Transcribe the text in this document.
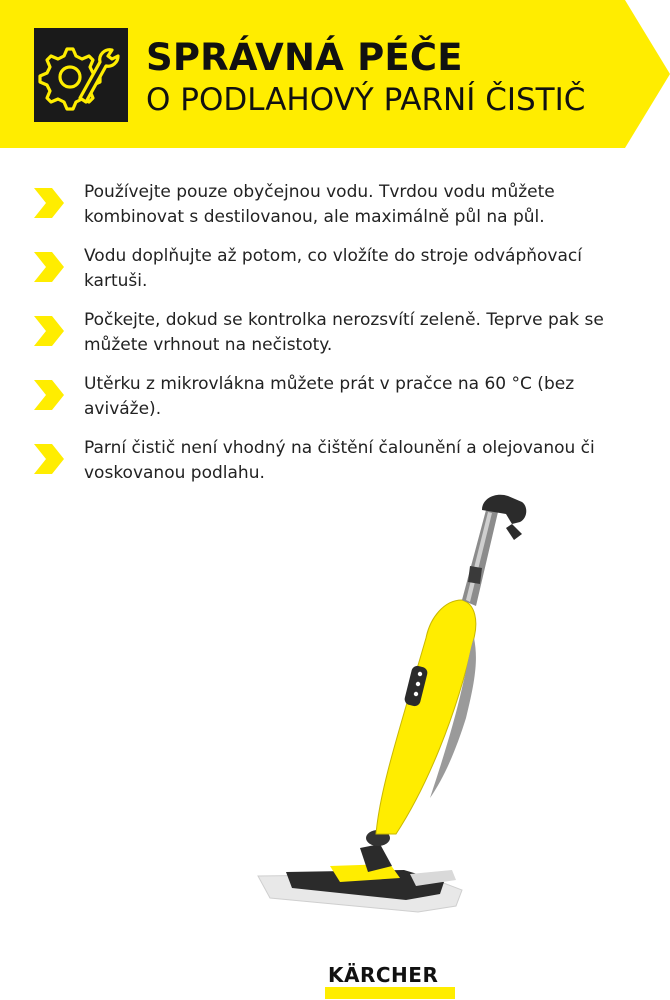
SPRÁVNÁ PÉČE
O PODLAHOVÝ PARNÍ ČISTIČ
Používejte pouze obyčejnou vodu. Tvrdou vodu můžete kombinovat s destilovanou, ale maximálně půl na půl.
Vodu doplňujte až potom, co vložíte do stroje odvápňovací kartuši.
Počkejte, dokud se kontrolka nerozsvítí zeleně. Teprve pak se můžete vrhnout na nečistoty.
Utěrku z mikrovlákna můžete prát v pračce na 60 °C (bez aviváže).
Parní čistič není vhodný na čištění čalounění a olejovanou či voskovanou podlahu.
KÄRCHER
